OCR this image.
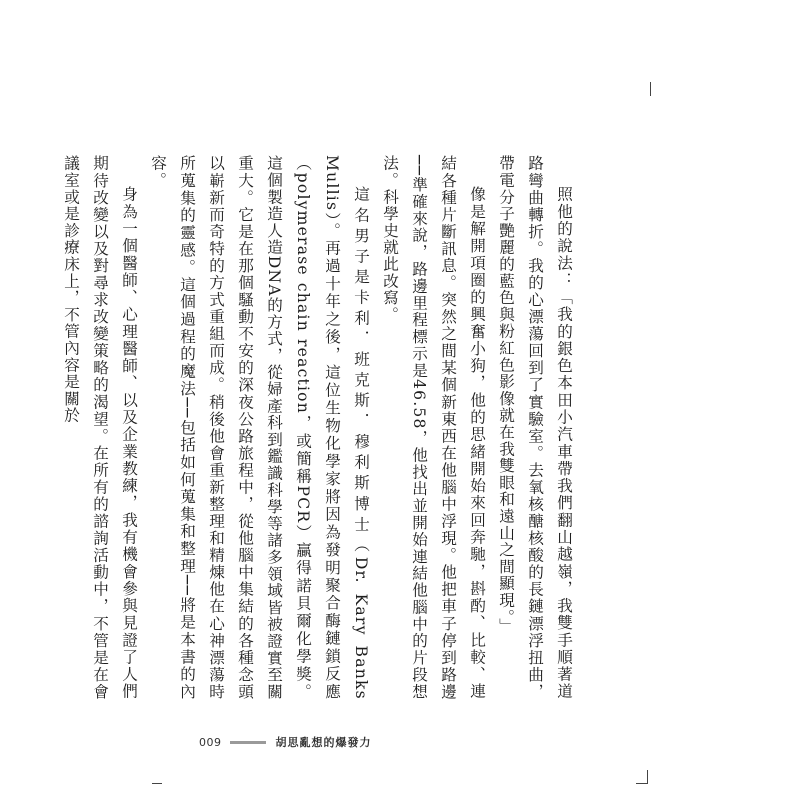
照他的說法：「我的銀色本田小汽車帶我們翻山越嶺，我雙手順著道路彎曲轉折。我的心漂蕩回到了實驗室。去氧核醣核酸的長鏈漂浮扭曲，帶電分子艷麗的藍色與粉紅色影像就在我雙眼和遠山之間顯現。」

像是解開項圈的興奮小狗，他的思緒開始來回奔馳，斟酌、比較、連結各種片斷訊息。突然之間某個新東西在他腦中浮現。他把車子停到路邊──準確來說，路邊里程標示是46.58，他找出並開始連結他腦中的片段想法。科學史就此改寫。

這名男子是卡利．班克斯．穆利斯博士（Dr. Kary Banks Mullis）。再過十年之後，這位生物化學家將因為發明聚合酶鏈鎖反應（polymerase chain reaction，或簡稱PCR）贏得諾貝爾化學獎。這個製造人造DNA的方式，從婦產科到鑑識科學等諸多領域皆被證實至關重大。它是在那個騷動不安的深夜公路旅程中，從他腦中集結的各種念頭以嶄新而奇特的方式重組而成。稍後他會重新整理和精煉他在心神漂蕩時所蒐集的靈感。這個過程的魔法──包括如何蒐集和整理──將是本書的內容。

身為一個醫師、心理醫師、以及企業教練，我有機會參與見證了人們期待改變以及對尋求改變策略的渴望。在所有的諮詢活動中，不管是在會議室或是診療床上，不管內容是關於

009	胡思亂想的爆發力
